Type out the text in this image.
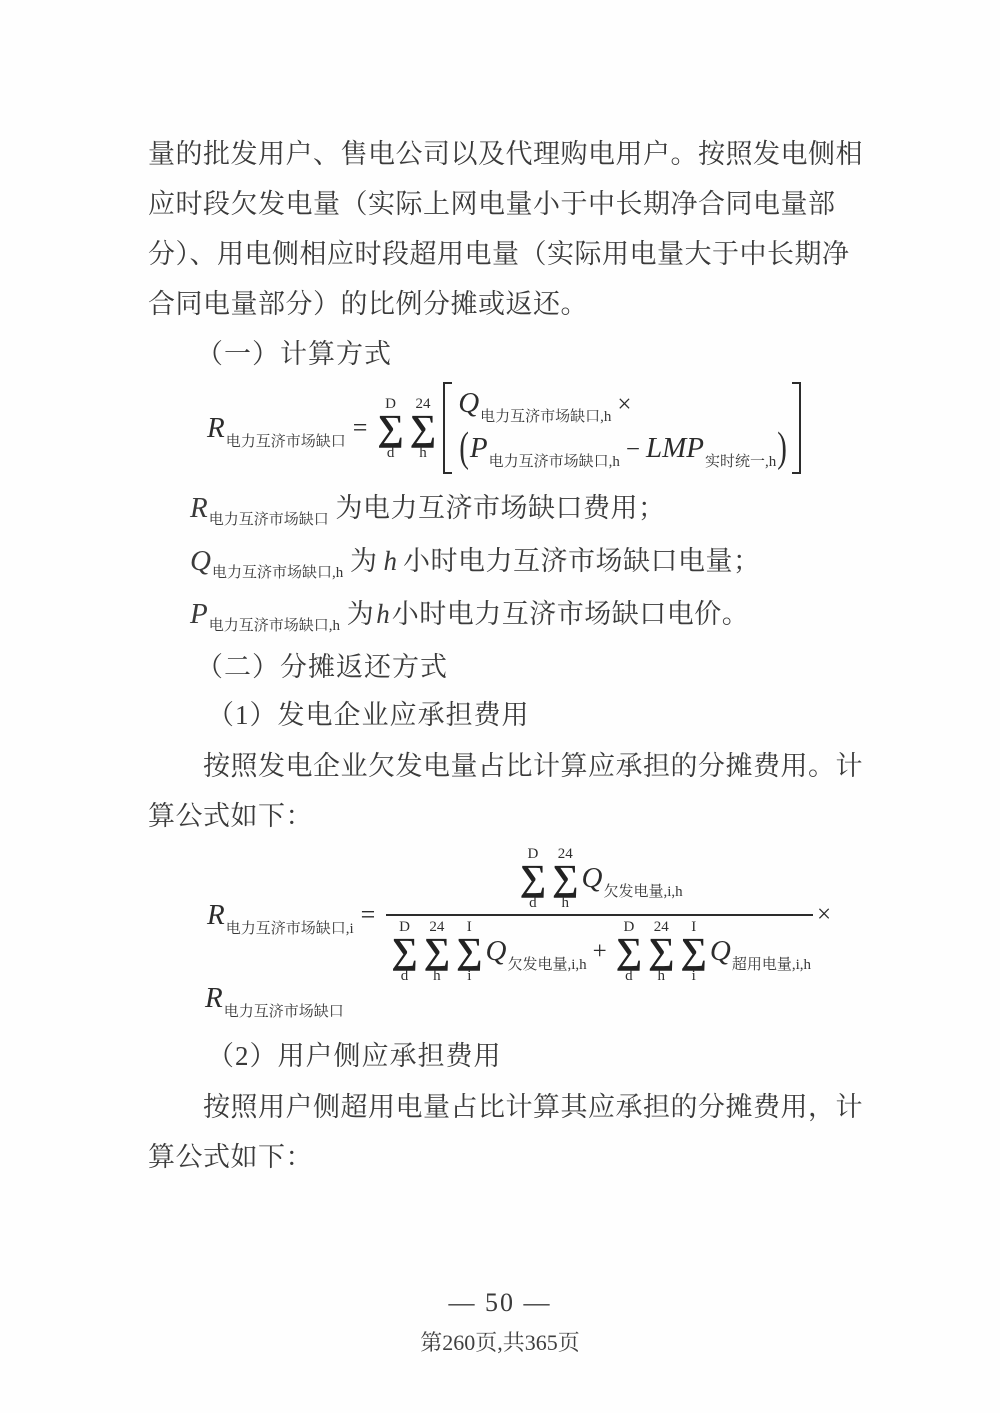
量的批发用户、售电公司以及代理购电用户。按照发电侧相
应时段欠发电量（实际上网电量小于中长期净合同电量部
分）、用电侧相应时段超用电量（实际用电量大于中长期净
合同电量部分）的比例分摊或返还。
（一）计算方式
R电力互济市场缺口 =
D
∑
d
24
∑
h
Q电力互济市场缺口,h ×
(P电力互济市场缺口,h − LMP实时统一,h)
$R_{电力互济市场缺口}$ 为电力互济市场缺口费用；
$Q_{电力互济市场缺口,h}$ 为 h 小时电力互济市场缺口电量；
$P_{电力互济市场缺口,h}$ 为h小时电力互济市场缺口电价。
（二）分摊返还方式
（1）发电企业应承担费用
按照发电企业欠发电量占比计算应承担的分摊费用。计
算公式如下：
R电力互济市场缺口,i =
D
∑
d
24
∑
h
Q欠发电量,i,h
D
∑
d
24
∑
h
I
∑
i
Q欠发电量,i,h
+
D
∑
d
24
∑
h
I
∑
i
Q超用电量,i,h
×
R电力互济市场缺口
（2）用户侧应承担费用
按照用户侧超用电量占比计算其应承担的分摊费用，计
算公式如下：
— 50 —
第260页,共365页
